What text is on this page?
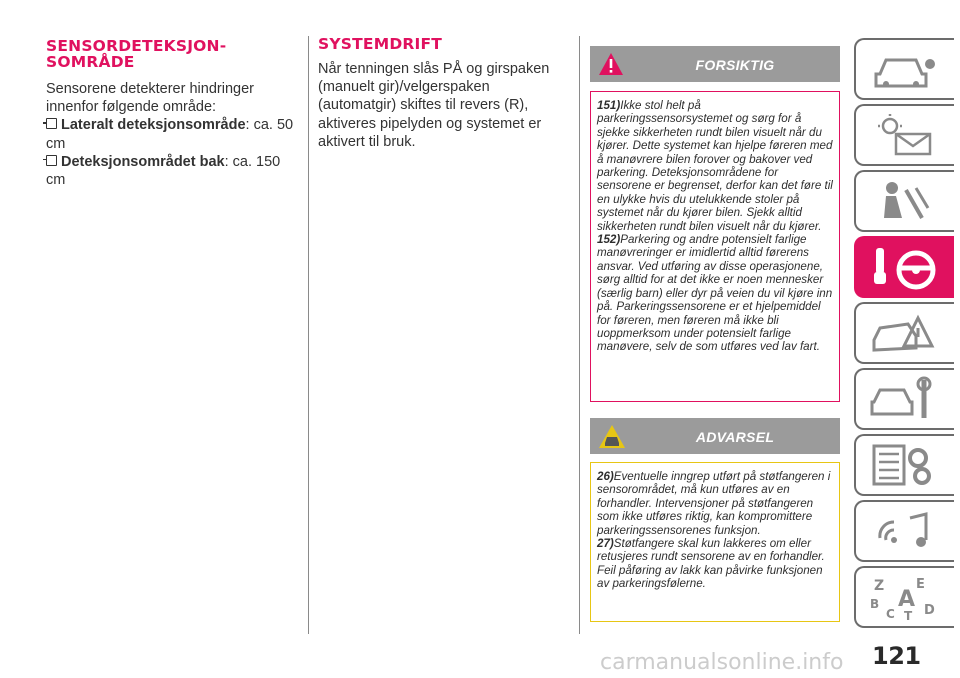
SENSORDETEKSJON-
SOMRÅDE
Sensorene detekterer hindringer innenfor følgende område:
Lateralt deteksjonsområde: ca. 50 cm
Deteksjonsområdet bak: ca. 150 cm
SYSTEMDRIFT
Når tenningen slås PÅ og girspaken (manuelt gir)/velgerspaken (automatgir) skiftes til revers (R), aktiveres pipelyden og systemet er aktivert til bruk.
FORSIKTIG
151)Ikke stol helt på parkeringssensorsystemet og sørg for å sjekke sikkerheten rundt bilen visuelt når du kjører. Dette systemet kan hjelpe føreren med å manøvrere bilen forover og bakover ved parkering. Deteksjonsområdene for sensorene er begrenset, derfor kan det føre til en ulykke hvis du utelukkende stoler på systemet når du kjører bilen. Sjekk alltid sikkerheten rundt bilen visuelt når du kjører.
152)Parkering og andre potensielt farlige manøvreringer er imidlertid alltid førerens ansvar. Ved utføring av disse operasjonene, sørg alltid for at det ikke er noen mennesker (særlig barn) eller dyr på veien du vil kjøre inn på. Parkeringssensorene er et hjelpemiddel for føreren, men føreren må ikke bli uoppmerksom under potensielt farlige manøvere, selv de som utføres ved lav fart.
ADVARSEL
26)Eventuelle inngrep utført på støtfangeren i sensorområdet, må kun utføres av en forhandler. Intervensjoner på støtfangeren som ikke utføres riktig, kan kompromittere parkeringssensorenes funksjon.
27)Støtfangere skal kun lakkeres om eller retusjeres rundt sensorene av en forhandler. Feil påføring av lakk kan påvirke funksjonen av parkeringsfølerne.	Z E
B A D
C T
carmanualsonline.info 121
